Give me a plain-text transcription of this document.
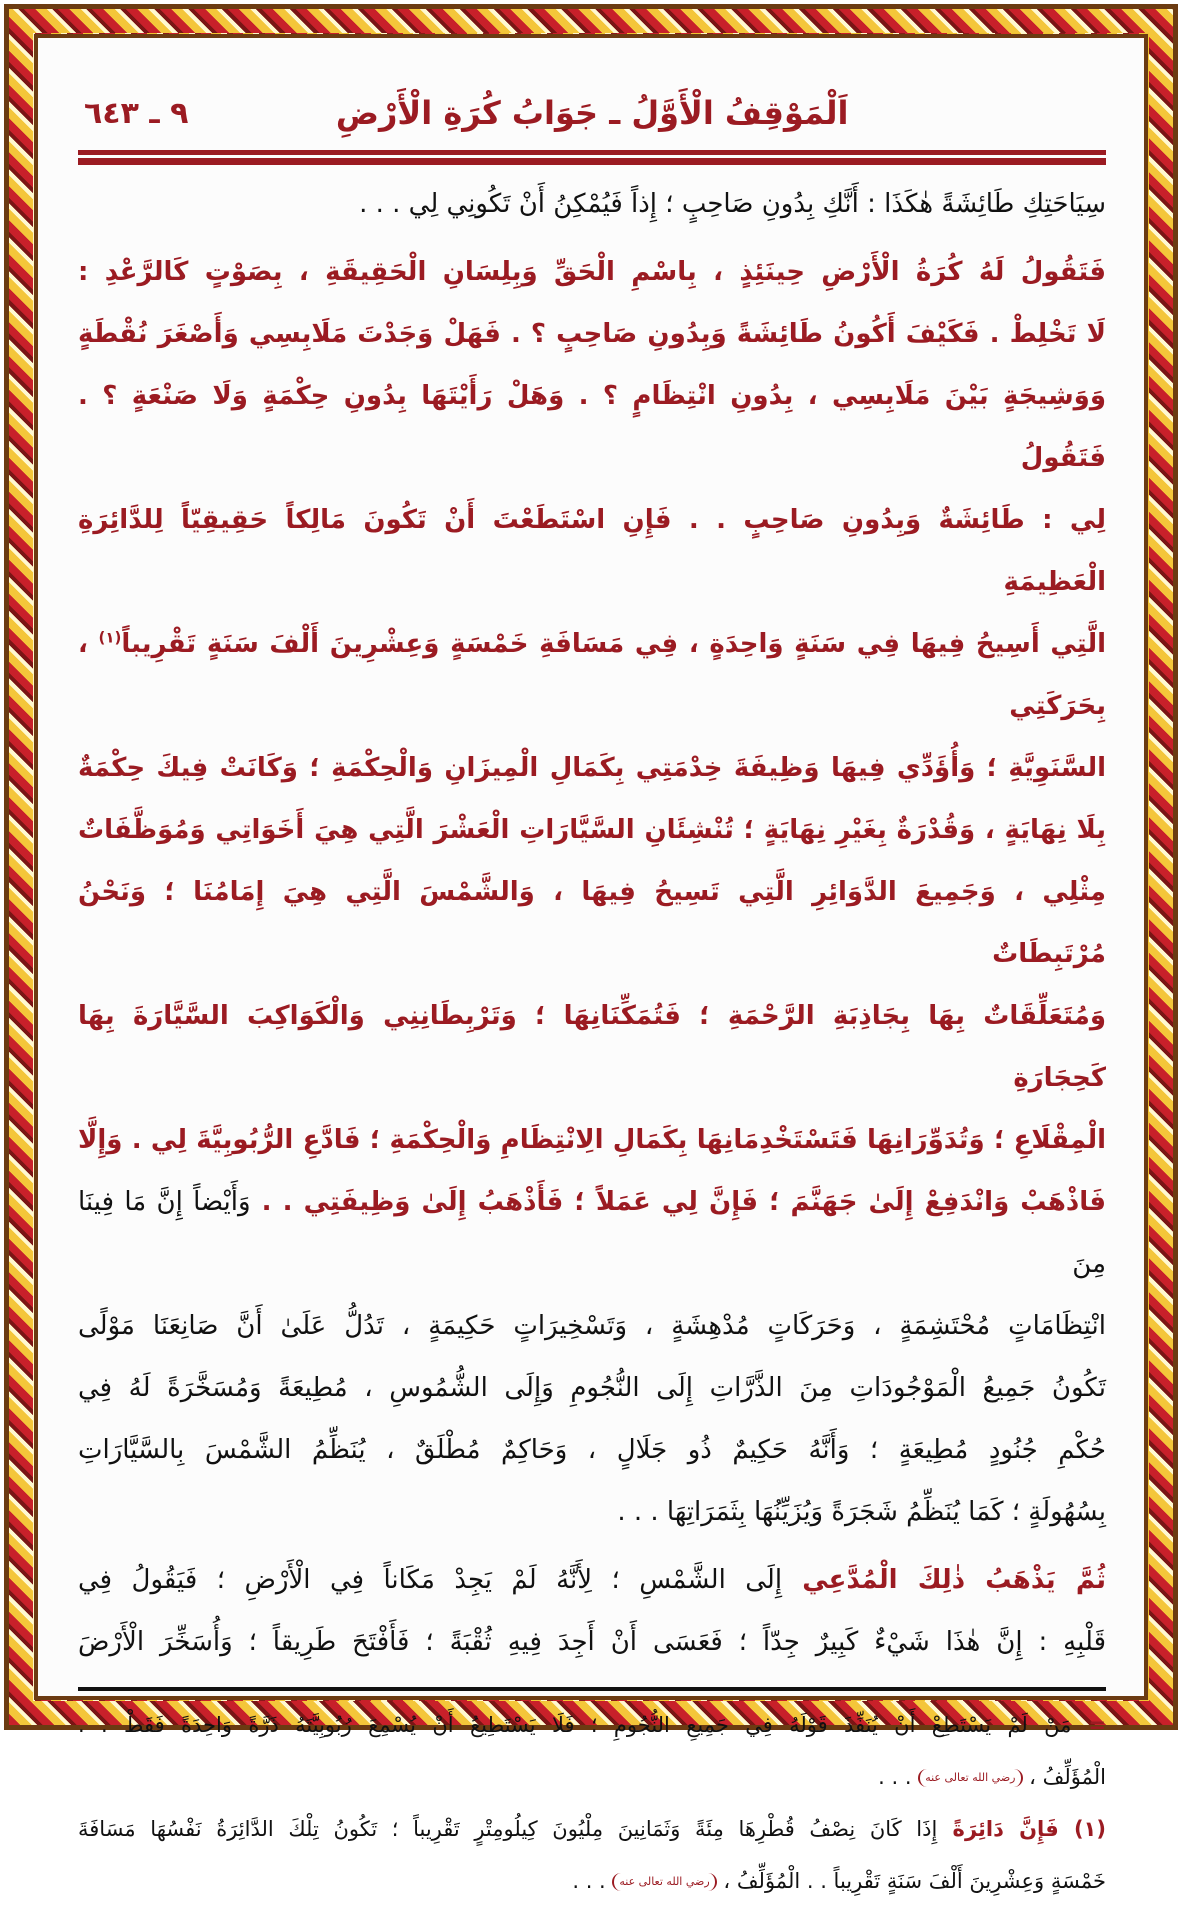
٩ ـ ٦٤٣	اَلْمَوْقِفُ الْأَوَّلُ ـ جَوَابُ كُرَةِ الْأَرْضِ
سِيَاحَتِكِ طَائِشَةً هٰكَذَا : أَنَّكِ بِدُونِ صَاحِبٍ ؛ إِذاً فَيُمْكِنُ أَنْ تَكُونِي لِي . . .
فَتَقُولُ لَهُ كُرَةُ الْأَرْضِ حِينَئِذٍ ، بِاسْمِ الْحَقِّ وَبِلِسَانِ الْحَقِيقَةِ ، بِصَوْتٍ كَالرَّعْدِ :
لَا تَخْلِطْ . فَكَيْفَ أَكُونُ طَائِشَةً وَبِدُونِ صَاحِبٍ ؟ . فَهَلْ وَجَدْتَ مَلَابِسِي وَأَصْغَرَ نُقْطَةٍ
وَوَشِيجَةٍ بَيْنَ مَلَابِسِي ، بِدُونِ انْتِظَامٍ ؟ . وَهَلْ رَأَيْتَهَا بِدُونِ حِكْمَةٍ وَلَا صَنْعَةٍ ؟ . فَتَقُولُ
لِي : طَائِشَةٌ وَبِدُونِ صَاحِبٍ . . فَإِنِ اسْتَطَعْتَ أَنْ تَكُونَ مَالِكاً حَقِيقِيّاً لِلدَّائِرَةِ الْعَظِيمَةِ
الَّتِي أَسِيحُ فِيهَا فِي سَنَةٍ وَاحِدَةٍ ، فِي مَسَافَةِ خَمْسَةٍ وَعِشْرِينَ أَلْفَ سَنَةٍ تَقْرِيباً$^{(١)}$ ، بِحَرَكَتِي
السَّنَوِيَّةِ ؛ وَأُؤَدِّي فِيهَا وَظِيفَةَ خِدْمَتِي بِكَمَالِ الْمِيزَانِ وَالْحِكْمَةِ ؛ وَكَانَتْ فِيكَ حِكْمَةٌ
بِلَا نِهَايَةٍ ، وَقُدْرَةٌ بِغَيْرِ نِهَايَةٍ ؛ تُنْشِئَانِ السَّيَّارَاتِ الْعَشْرَ الَّتِي هِيَ أَخَوَاتِي وَمُوَظَّفَاتٌ
مِثْلِي ، وَجَمِيعَ الدَّوَائِرِ الَّتِي تَسِيحُ فِيهَا ، وَالشَّمْسَ الَّتِي هِيَ إِمَامُنَا ؛ وَنَحْنُ مُرْتَبِطَاتٌ
وَمُتَعَلِّقَاتٌ بِهَا بِجَاذِبَةِ الرَّحْمَةِ ؛ فَتُمَكِّنَانِهَا ؛ وَتَرْبِطَانِنِي وَالْكَوَاكِبَ السَّيَّارَةَ بِهَا كَحِجَارَةِ
الْمِقْلَاعِ ؛ وَتُدَوِّرَانِهَا فَتَسْتَخْدِمَانِهَا بِكَمَالِ الِانْتِظَامِ وَالْحِكْمَةِ ؛ فَادَّعِ الرُّبُوبِيَّةَ لِي . وَإِلَّا
فَاذْهَبْ وَانْدَفِعْ إِلَىٰ جَهَنَّمَ ؛ فَإِنَّ لِي عَمَلاً ؛ فَأَذْهَبُ إِلَىٰ وَظِيفَتِي . . وَأَيْضاً إِنَّ مَا فِينَا مِنَ
انْتِظَامَاتٍ مُحْتَشِمَةٍ ، وَحَرَكَاتٍ مُدْهِشَةٍ ، وَتَسْخِيرَاتٍ حَكِيمَةٍ ، تَدُلُّ عَلَىٰ أَنَّ صَانِعَنَا مَوْلًى
تَكُونُ جَمِيعُ الْمَوْجُودَاتِ مِنَ الذَّرَّاتِ إِلَى النُّجُومِ وَإِلَى الشُّمُوسِ ، مُطِيعَةً وَمُسَخَّرَةً لَهُ فِي
حُكْمِ جُنُودٍ مُطِيعَةٍ ؛ وَأَنَّهُ حَكِيمٌ ذُو جَلَالٍ ، وَحَاكِمٌ مُطْلَقٌ ، يُنَظِّمُ الشَّمْسَ بِالسَّيَّارَاتِ
بِسُهُولَةٍ ؛ كَمَا يُنَظِّمُ شَجَرَةً وَيُزَيِّنُهَا بِثَمَرَاتِهَا . . .
ثُمَّ يَذْهَبُ ذٰلِكَ الْمُدَّعِي إِلَى الشَّمْسِ ؛ لِأَنَّهُ لَمْ يَجِدْ مَكَاناً فِي الْأَرْضِ ؛ فَيَقُولُ فِي
قَلْبِهِ : إِنَّ هٰذَا شَيْءٌ كَبِيرٌ جِدّاً ؛ فَعَسَى أَنْ أَجِدَ فِيهِ ثُقْبَةً ؛ فَأَفْتَحَ طَرِيقاً ؛ وَأُسَخِّرَ الْأَرْضَ
= مَنْ لَمْ يَسْتَطِعْ أَنْ يُنَفِّذَ قَوْلَهُ فِي جَمِيعِ النُّجُومِ ؛ فَلَا يَسْتَطِيعُ أَنْ يُسْمِعَ رُبُوبِيَّتَهُ ذَرَّةً وَاحِدَةً فَقَطْ . .
الْمُؤَلِّفُ ، رضي الله تعالى عنه . . .
(١) فَإِنَّ دَائِرَةً إِذَا كَانَ نِصْفُ قُطْرِهَا مِئَةً وَثَمَانِينَ مِلْيُونَ كِيلُومِتْرٍ تَقْرِيباً ؛ تَكُونُ تِلْكَ الدَّائِرَةُ نَفْسُهَا مَسَافَةَ
خَمْسَةٍ وَعِشْرِينَ أَلْفَ سَنَةٍ تَقْرِيباً . . الْمُؤَلِّفُ ، رضي الله تعالى عنه . . .
